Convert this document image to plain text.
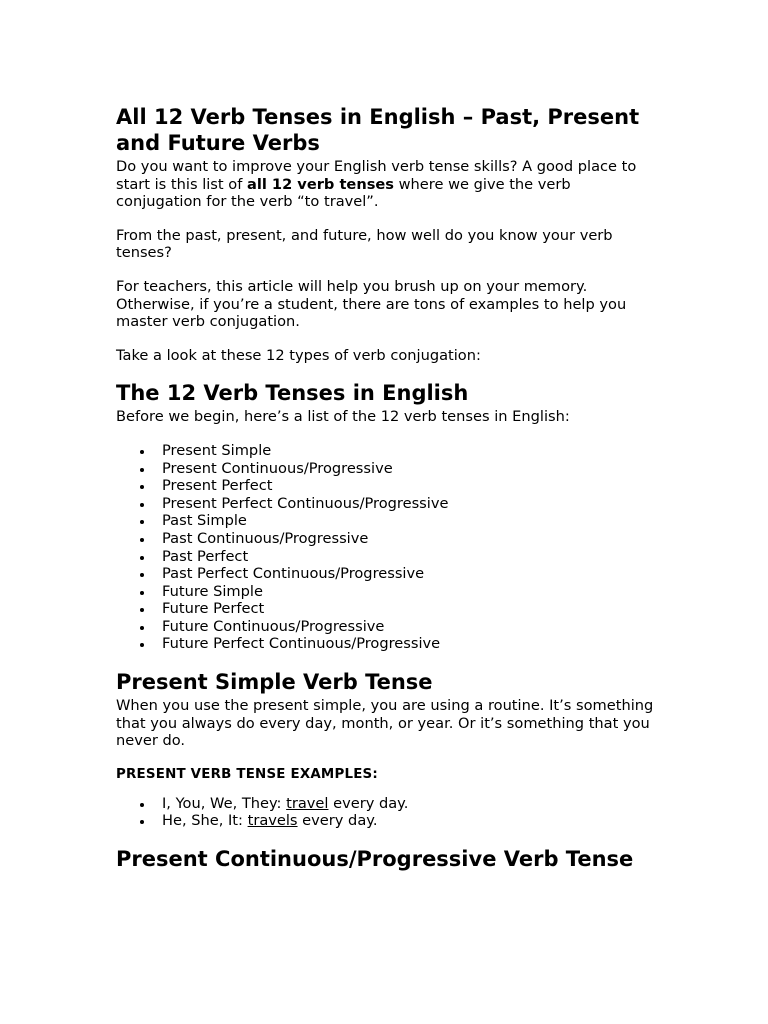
All 12 Verb Tenses in English – Past, Present and Future Verbs

Do you want to improve your English verb tense skills? A good place to start is this list of all 12 verb tenses where we give the verb conjugation for the verb “to travel”.

From the past, present, and future, how well do you know your verb tenses?

For teachers, this article will help you brush up on your memory. Otherwise, if you’re a student, there are tons of examples to help you master verb conjugation.

Take a look at these 12 types of verb conjugation:

The 12 Verb Tenses in English

Before we begin, here’s a list of the 12 verb tenses in English:

Present Simple
Present Continuous/Progressive
Present Perfect
Present Perfect Continuous/Progressive
Past Simple
Past Continuous/Progressive
Past Perfect
Past Perfect Continuous/Progressive
Future Simple
Future Perfect
Future Continuous/Progressive
Future Perfect Continuous/Progressive
Present Simple Verb Tense

When you use the present simple, you are using a routine. It’s something that you always do every day, month, or year. Or it’s something that you never do.

PRESENT VERB TENSE EXAMPLES:

I, You, We, They: travel every day.
He, She, It: travels every day.
Present Continuous/Progressive Verb Tense
